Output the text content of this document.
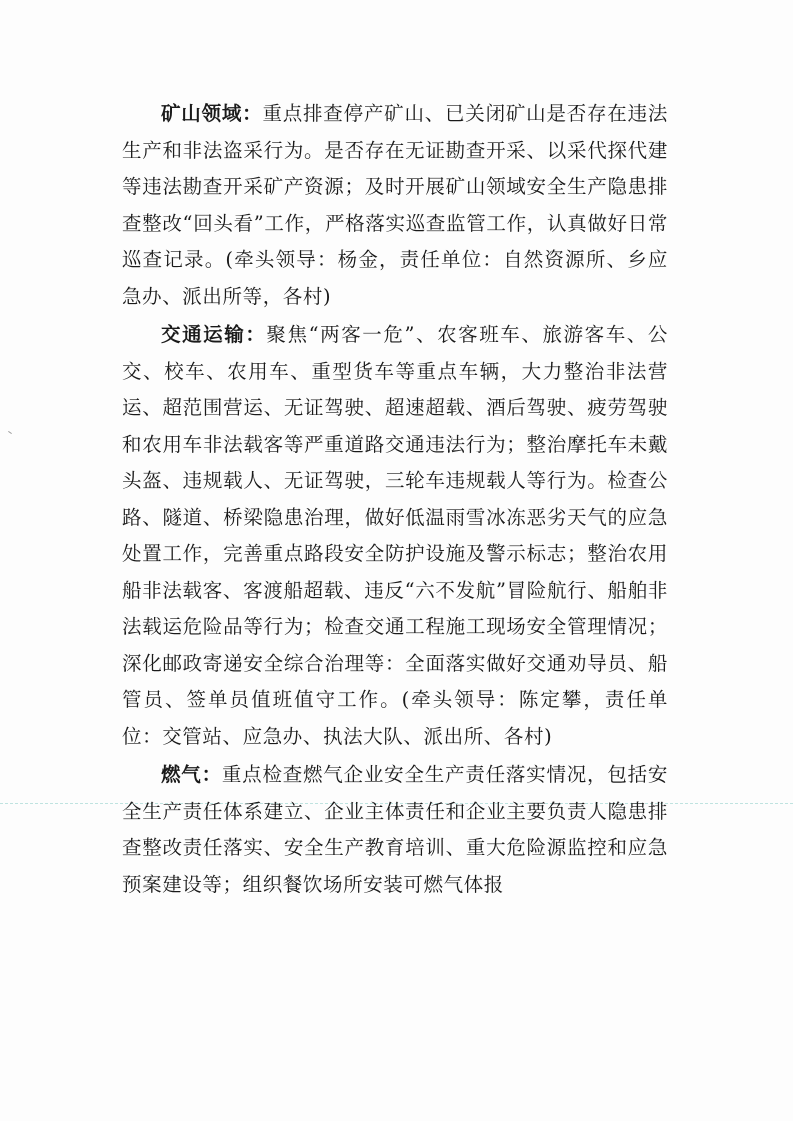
矿山领域：重点排查停产矿山、已关闭矿山是否存在违法生产和非法盗采行为。是否存在无证勘查开采、以采代探代建等违法勘查开采矿产资源；及时开展矿山领域安全生产隐患排查整改“回头看”工作，严格落实巡查监管工作，认真做好日常巡查记录。(牵头领导：杨金，责任单位：自然资源所、乡应急办、派出所等，各村)

交通运输：聚焦“两客一危”、农客班车、旅游客车、公交、校车、农用车、重型货车等重点车辆，大力整治非法营运、超范围营运、无证驾驶、超速超载、酒后驾驶、疲劳驾驶和农用车非法载客等严重道路交通违法行为；整治摩托车未戴头盔、违规载人、无证驾驶，三轮车违规载人等行为。检查公路、隧道、桥梁隐患治理，做好低温雨雪冰冻恶劣天气的应急处置工作，完善重点路段安全防护设施及警示标志；整治农用船非法载客、客渡船超载、违反“六不发航”冒险航行、船舶非法载运危险品等行为；检查交通工程施工现场安全管理情况；深化邮政寄递安全综合治理等：全面落实做好交通劝导员、船管员、签单员值班值守工作。(牵头领导：陈定攀，责任单位：交管站、应急办、执法大队、派出所、各村)

燃气：重点检查燃气企业安全生产责任落实情况，包括安全生产责任体系建立、企业主体责任和企业主要负责人隐患排查整改责任落实、安全生产教育培训、重大危险源监控和应急预案建设等；组织餐饮场所安装可燃气体报
